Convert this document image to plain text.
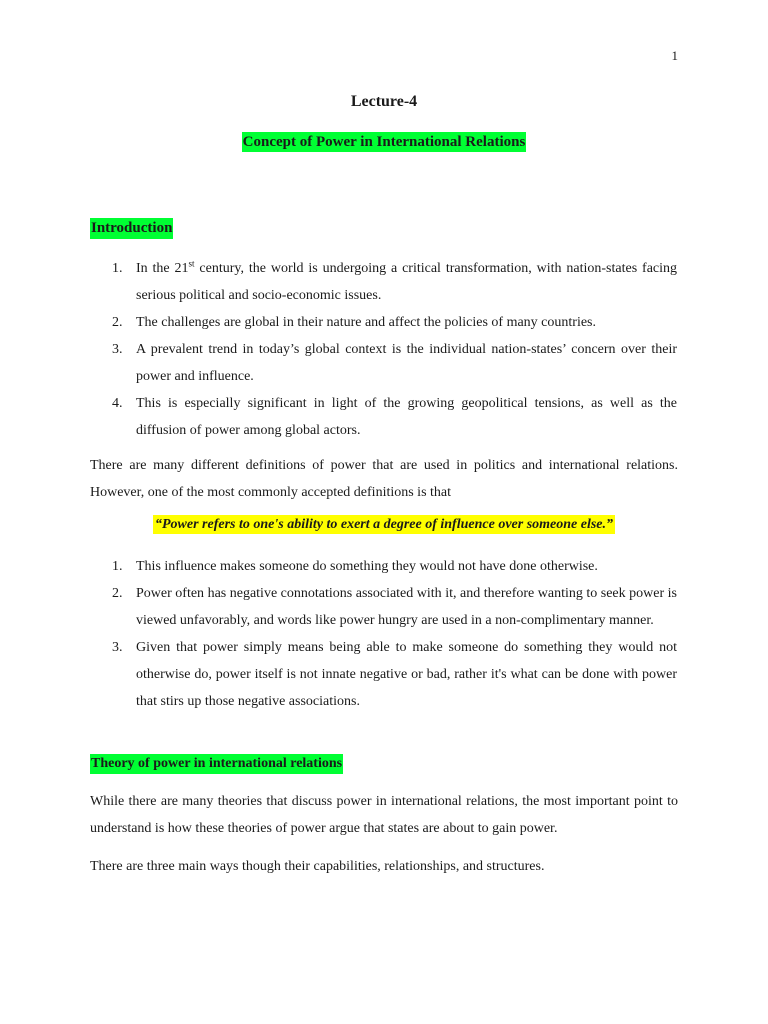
1
Lecture-4
Concept of Power in International Relations
Introduction
1. In the 21st century, the world is undergoing a critical transformation, with nation-states facing serious political and socio-economic issues.
2. The challenges are global in their nature and affect the policies of many countries.
3. A prevalent trend in today’s global context is the individual nation-states’ concern over their power and influence.
4. This is especially significant in light of the growing geopolitical tensions, as well as the diffusion of power among global actors.

There are many different definitions of power that are used in politics and international relations. However, one of the most commonly accepted definitions is that

“Power refers to one's ability to exert a degree of influence over someone else.”
1. This influence makes someone do something they would not have done otherwise.
2. Power often has negative connotations associated with it, and therefore wanting to seek power is viewed unfavorably, and words like power hungry are used in a non-complimentary manner.
3. Given that power simply means being able to make someone do something they would not otherwise do, power itself is not innate negative or bad, rather it's what can be done with power that stirs up those negative associations.
Theory of power in international relations

While there are many theories that discuss power in international relations, the most important point to understand is how these theories of power argue that states are about to gain power.

There are three main ways though their capabilities, relationships, and structures.
